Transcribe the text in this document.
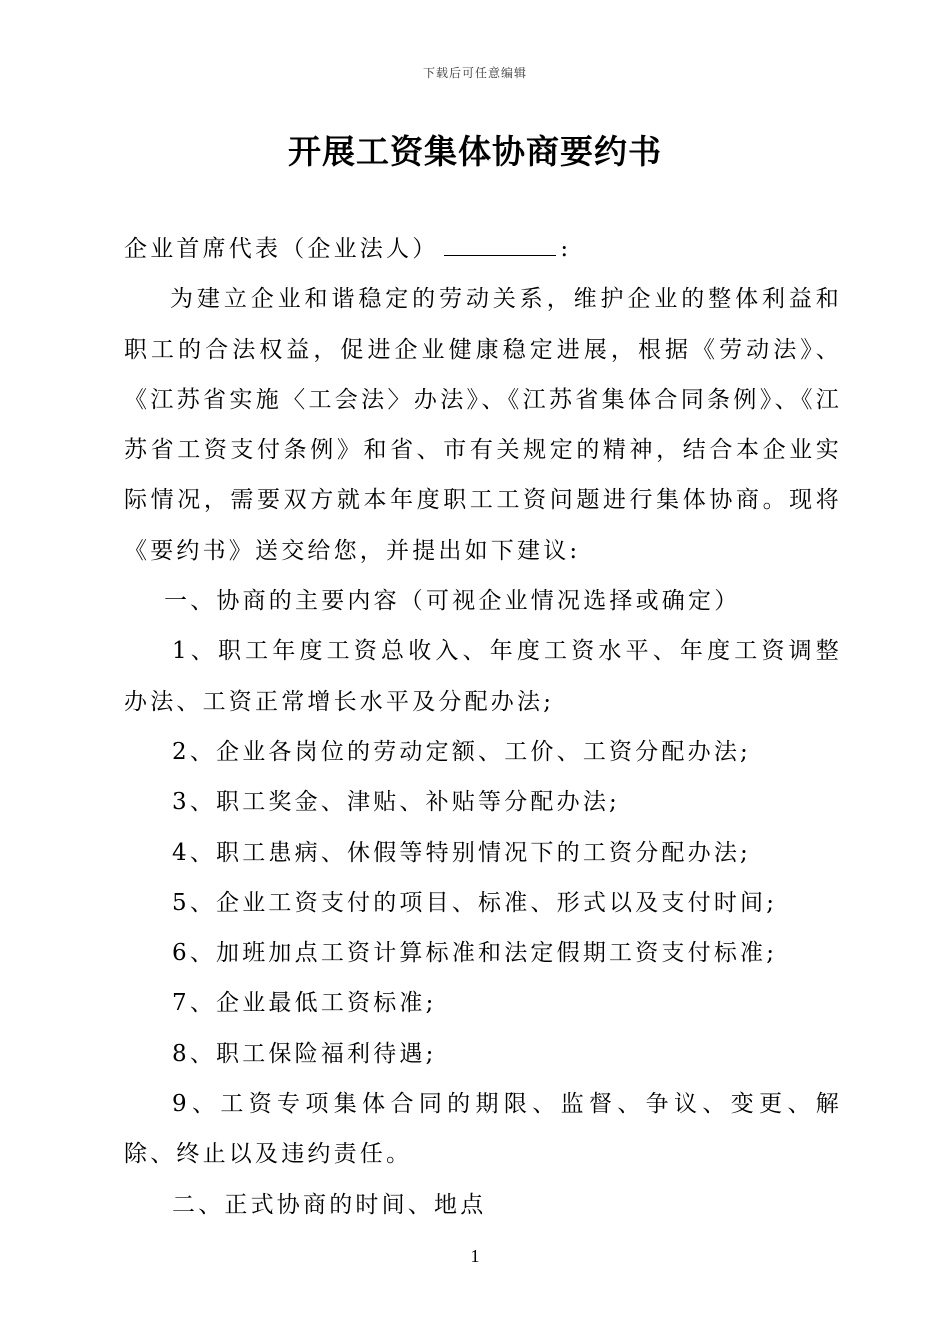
下载后可任意编辑
开展工资集体协商要约书

企业首席代表（企业法人）	:

为建立企业和谐稳定的劳动关系，维护企业的整体利益和职工的合法权益，促进企业健康稳定进展，根据《劳动法》、《江苏省实施〈工会法〉办法》、《江苏省集体合同条例》、《江苏省工资支付条例》和省、市有关规定的精神，结合本企业实际情况，需要双方就本年度职工工资问题进行集体协商。现将《要约书》送交给您，并提出如下建议:

一、协商的主要内容（可视企业情况选择或确定）

1、职工年度工资总收入、年度工资水平、年度工资调整办法、工资正常增长水平及分配办法;

2、企业各岗位的劳动定额、工价、工资分配办法;

3、职工奖金、津贴、补贴等分配办法;

4、职工患病、休假等特别情况下的工资分配办法;

5、企业工资支付的项目、标准、形式以及支付时间;

6、加班加点工资计算标准和法定假期工资支付标准;

7、企业最低工资标准;

8、职工保险福利待遇;

9、工资专项集体合同的期限、监督、争议、变更、解除、终止以及违约责任。

二、正式协商的时间、地点

1
